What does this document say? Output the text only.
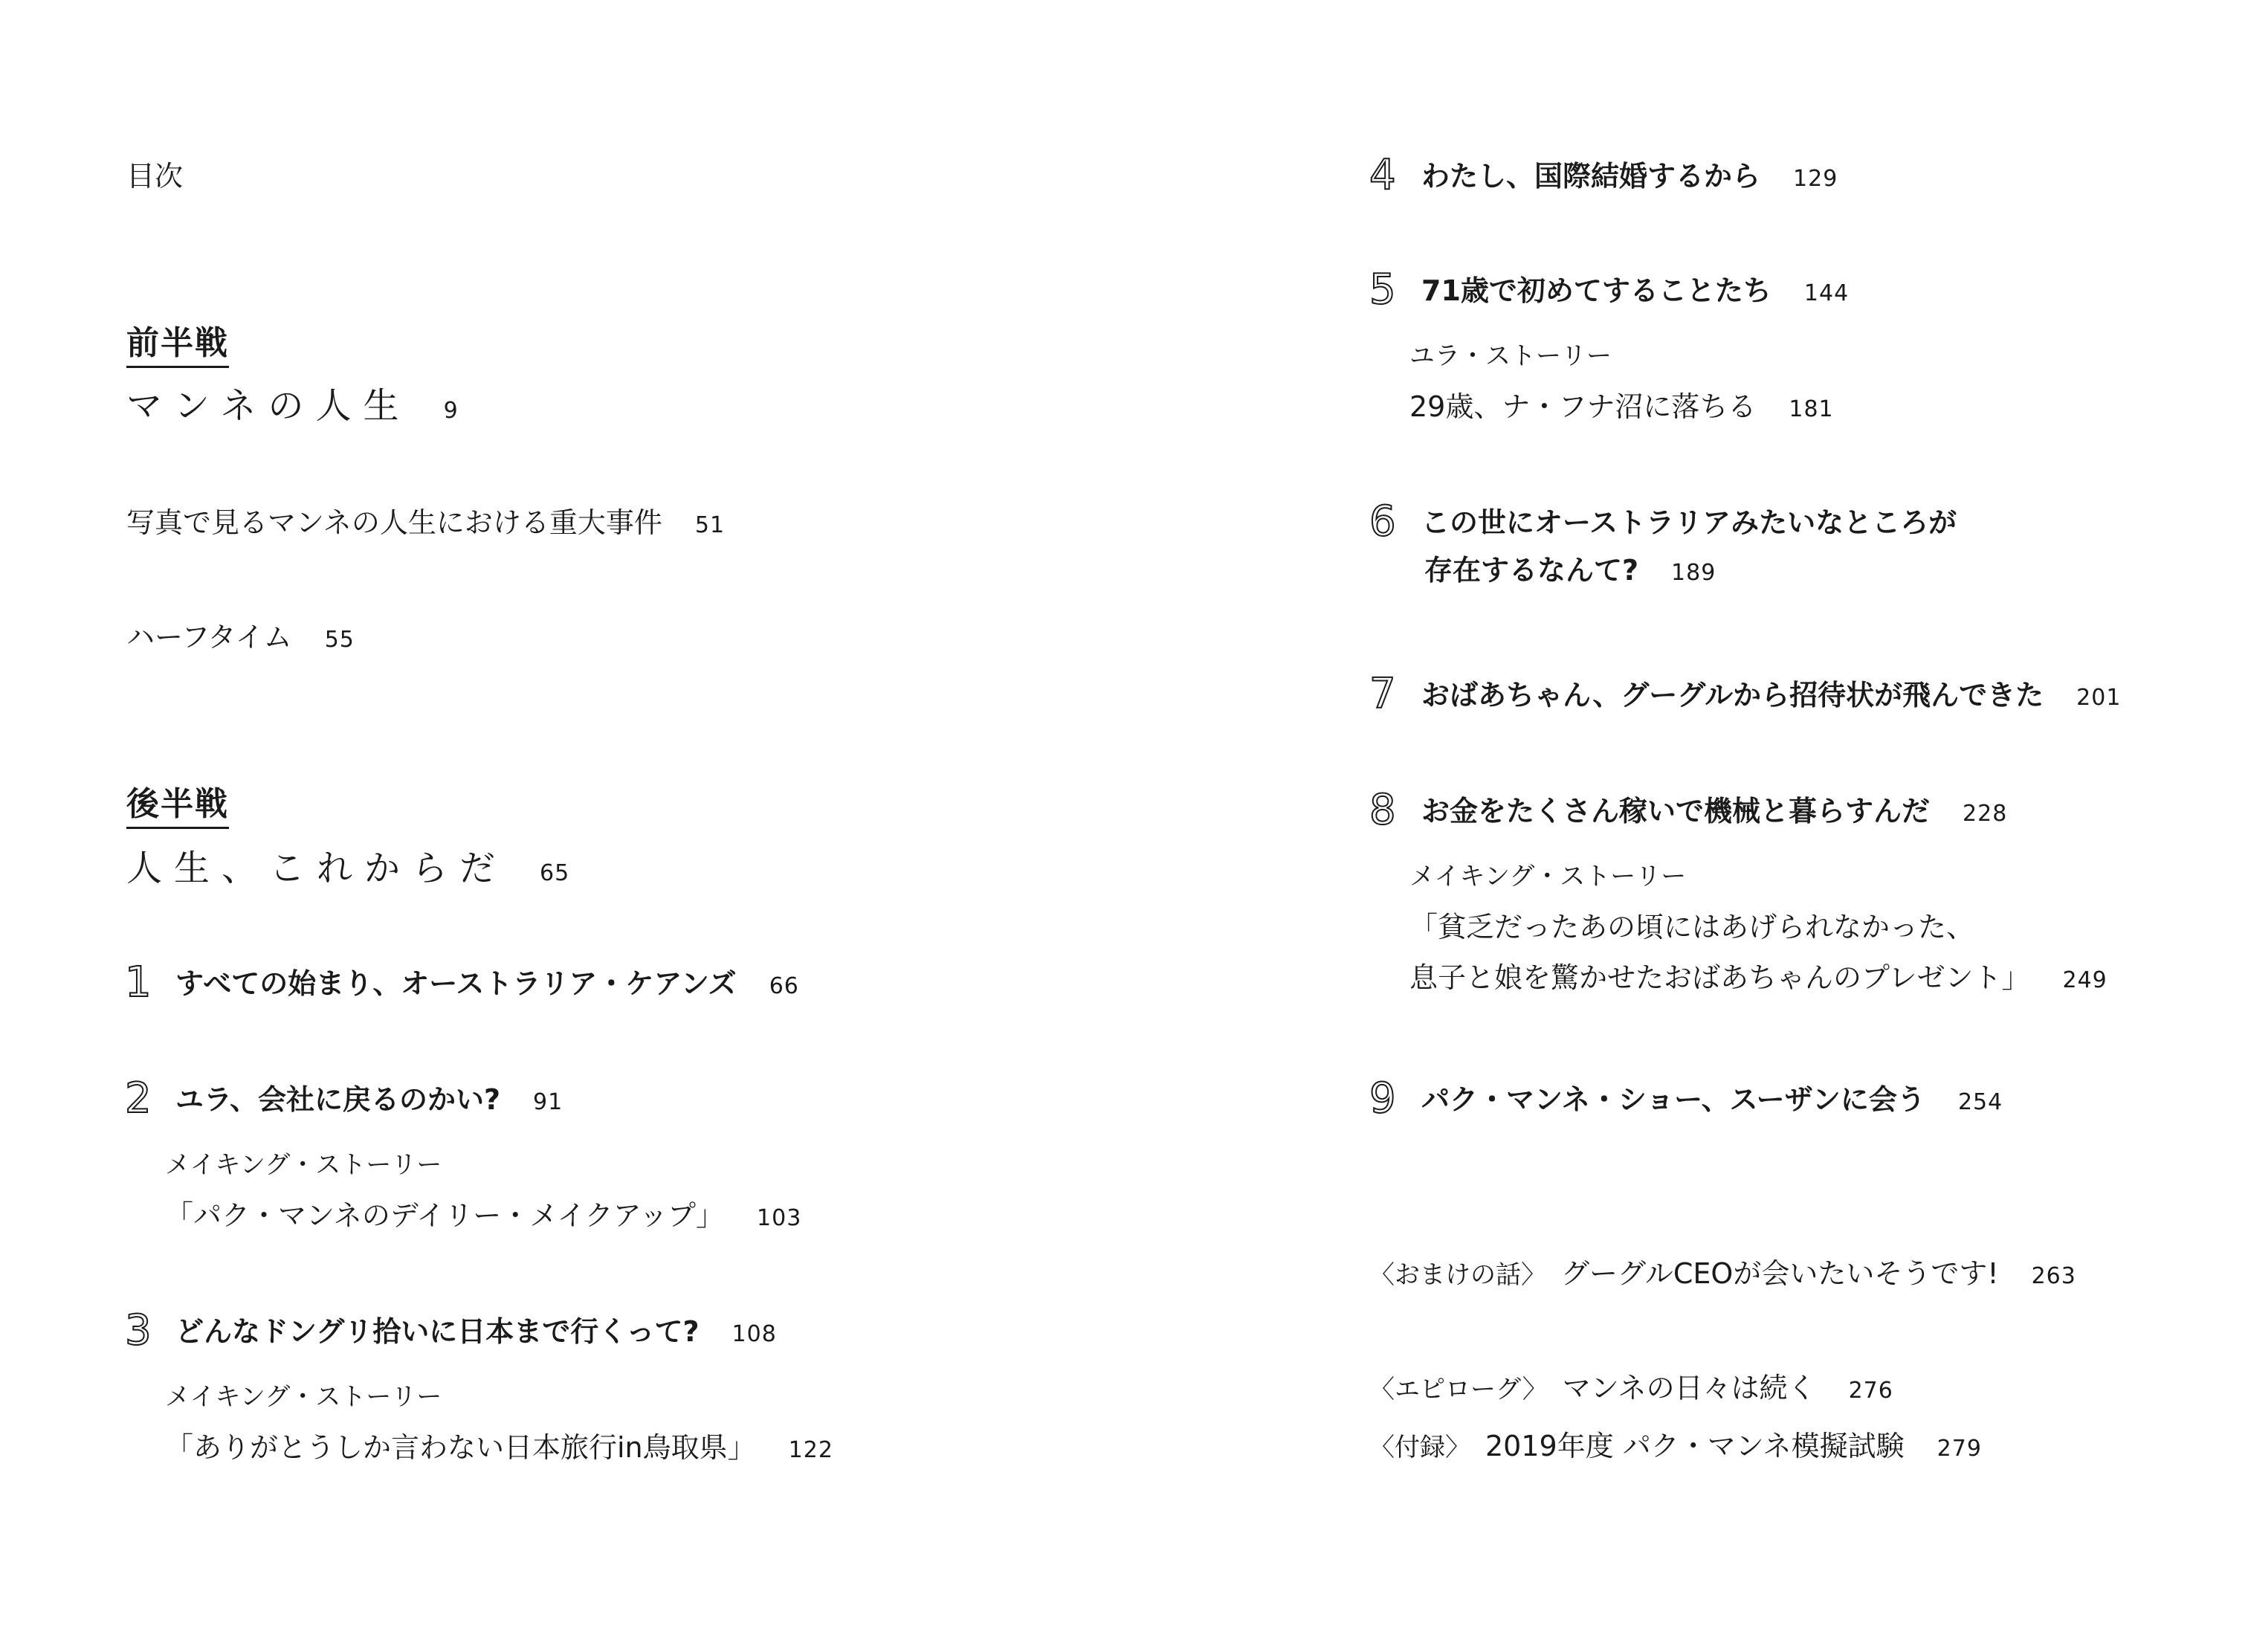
目次
前半戦
マンネの人生 9
写真で見るマンネの人生における重大事件 51
ハーフタイム 55
後半戦
人生、これからだ 65
1 すべての始まり、オーストラリア・ケアンズ 66
2 ユラ、会社に戻るのかい? 91
メイキング・ストーリー
「パク・マンネのデイリー・メイクアップ」 103
3 どんなドングリ拾いに日本まで行くって? 108
メイキング・ストーリー
「ありがとうしか言わない日本旅行in鳥取県」 122
4 わたし、国際結婚するから 129
5 71歳で初めてすることたち 144
ユラ・ストーリー
29歳、ナ・フナ沼に落ちる 181
6 この世にオーストラリアみたいなところが
存在するなんて? 189
7 おばあちゃん、グーグルから招待状が飛んできた 201
8 お金をたくさん稼いで機械と暮らすんだ 228
メイキング・ストーリー
「貧乏だったあの頃にはあげられなかった、
息子と娘を驚かせたおばあちゃんのプレゼント」 249
9 パク・マンネ・ショー、スーザンに会う 254
〈おまけの話〉 グーグルCEOが会いたいそうです! 263
〈エピローグ〉 マンネの日々は続く 276
〈付録〉 2019年度 パク・マンネ模擬試験 279
